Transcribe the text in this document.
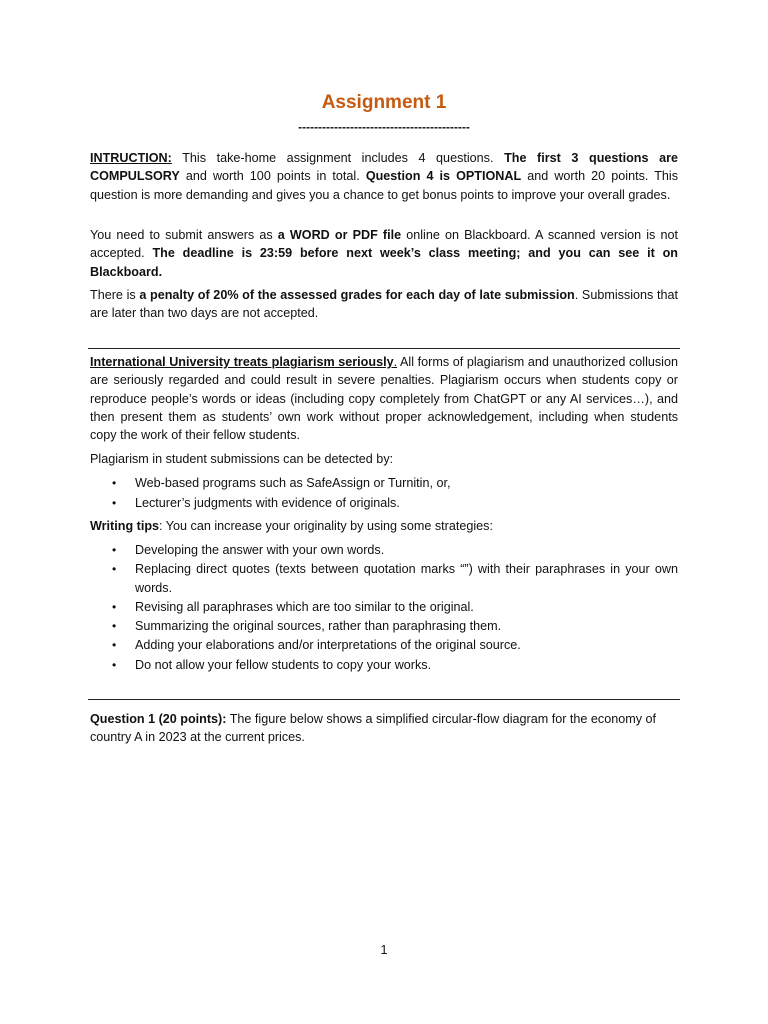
Assignment 1
-------------------------------------------

INTRUCTION: This take-home assignment includes 4 questions. The first 3 questions are COMPULSORY and worth 100 points in total. Question 4 is OPTIONAL and worth 20 points. This question is more demanding and gives you a chance to get bonus points to improve your overall grades.

You need to submit answers as a WORD or PDF file online on Blackboard. A scanned version is not accepted. The deadline is 23:59 before next week’s class meeting; and you can see it on Blackboard.

There is a penalty of 20% of the assessed grades for each day of late submission. Submissions that are later than two days are not accepted.

International University treats plagiarism seriously. All forms of plagiarism and unauthorized collusion are seriously regarded and could result in severe penalties. Plagiarism occurs when students copy or reproduce people’s words or ideas (including copy completely from ChatGPT or any AI services…), and then present them as students’ own work without proper acknowledgement, including when students copy the work of their fellow students.

Plagiarism in student submissions can be detected by:

• Web-based programs such as SafeAssign or Turnitin, or,
• Lecturer’s judgments with evidence of originals.

Writing tips: You can increase your originality by using some strategies:

• Developing the answer with your own words.
• Replacing direct quotes (texts between quotation marks “”) with their paraphrases in your own words.
• Revising all paraphrases which are too similar to the original.
• Summarizing the original sources, rather than paraphrasing them.
• Adding your elaborations and/or interpretations of the original source.
• Do not allow your fellow students to copy your works.

Question 1 (20 points): The figure below shows a simplified circular-flow diagram for the economy of country A in 2023 at the current prices.

1
